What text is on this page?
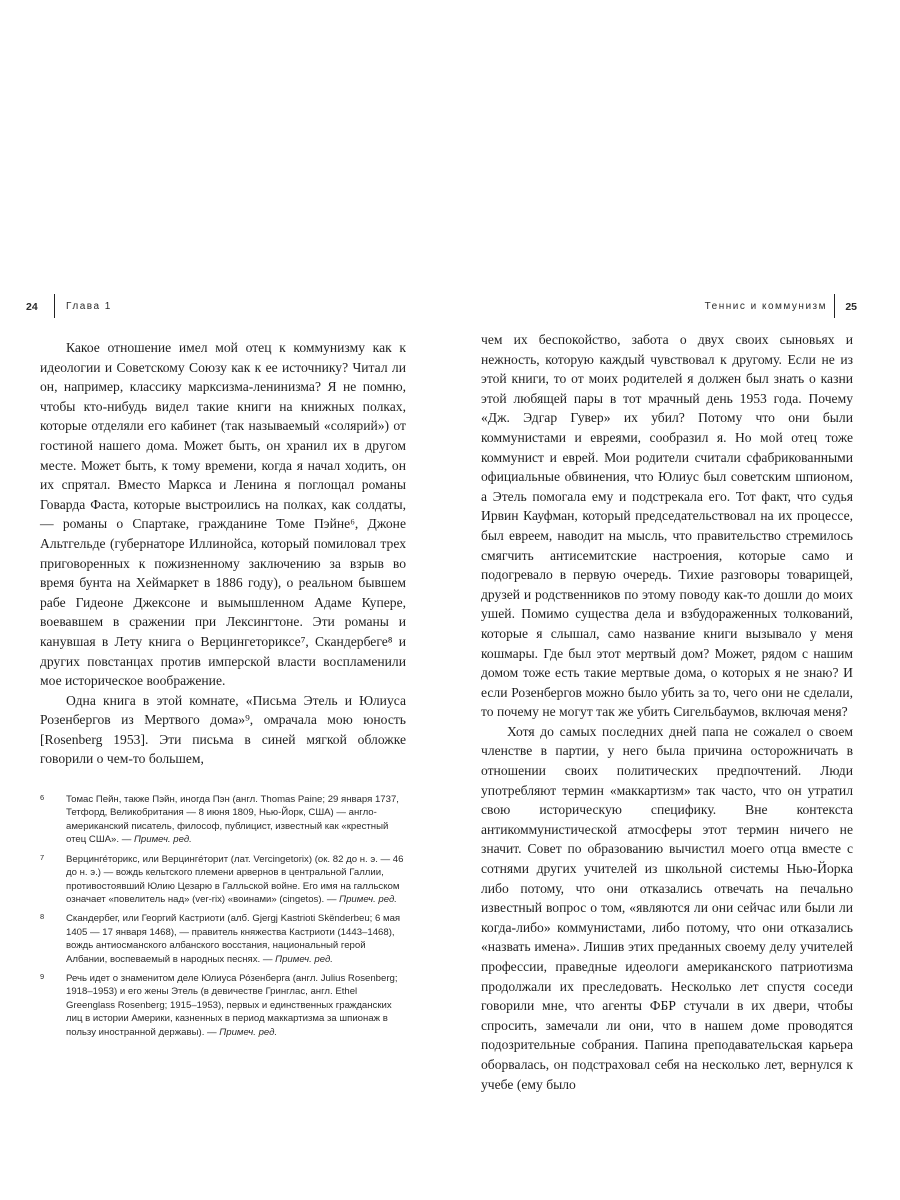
24	Глава 1

Какое отношение имел мой отец к коммунизму как к идеологии и Советскому Союзу как к ее источнику? Читал ли он, например, классику марксизма-ленинизма? Я не помню, чтобы кто-нибудь видел такие книги на книжных полках, которые отделяли его кабинет (так называемый «солярий») от гостиной нашего дома. Может быть, он хранил их в другом месте. Может быть, к тому времени, когда я начал ходить, он их спрятал. Вместо Маркса и Ленина я поглощал романы Говарда Фаста, которые выстроились на полках, как солдаты, — романы о Спартаке, гражданине Томе Пэйне⁶, Джоне Альтгельде (губернаторе Иллинойса, который помиловал трех приговоренных к пожизненному заключению за взрыв во время бунта на Хеймаркет в 1886 году), о реальном бывшем рабе Гидеоне Джексоне и вымышленном Адаме Купере, воевавшем в сражении при Лексингтоне. Эти романы и канувшая в Лету книга о Верцингеториксе⁷, Скандербеге⁸ и других повстанцах против имперской власти воспламенили мое историческое воображение.

Одна книга в этой комнате, «Письма Этель и Юлиуса Розенбергов из Мертвого дома»⁹, омрачала мою юность [Rosenberg 1953]. Эти письма в синей мягкой обложке говорили о чем-то большем,

6 Томас Пейн, также Пэйн, иногда Пэн (англ. Thomas Paine; 29 января 1737, Тетфорд, Великобритания — 8 июня 1809, Нью-Йорк, США) — англо-американский писатель, философ, публицист, известный как «крестный отец США». — Примеч. ред.
7 Верцинге́торикс, или Верцинге́торит (лат. Vercingetorix) (ок. 82 до н. э. — 46 до н. э.) — вождь кельтского племени арвернов в центральной Галлии, противостоявший Юлию Цезарю в Галльской войне. Его имя на галльском означает «повелитель над» (ver-rix) «воинами» (cingetos). — Примеч. ред.
8 Скандербег, или Георгий Кастриоти (алб. Gjergj Kastrioti Skënderbeu; 6 мая 1405 — 17 января 1468), — правитель княжества Кастриоти (1443–1468), вождь антиосманского албанского восстания, национальный герой Албании, воспеваемый в народных песнях. — Примеч. ред.
9 Речь идет о знаменитом деле Юлиуса Ро́зенберга (англ. Julius Rosenberg; 1918–1953) и его жены Этель (в девичестве Гринглас, англ. Ethel Greenglass Rosenberg; 1915–1953), первых и единственных гражданских лиц в истории Америки, казненных в период маккартизма за шпионаж в пользу иностранной державы). — Примеч. ред.
Теннис и коммунизм 25

чем их беспокойство, забота о двух своих сыновьях и нежность, которую каждый чувствовал к другому. Если не из этой книги, то от моих родителей я должен был знать о казни этой любящей пары в тот мрачный день 1953 года. Почему «Дж. Эдгар Гувер» их убил? Потому что они были коммунистами и евреями, сообразил я. Но мой отец тоже коммунист и еврей. Мои родители считали сфабрикованными официальные обвинения, что Юлиус был советским шпионом, а Этель помогала ему и подстрекала его. Тот факт, что судья Ирвин Кауфман, который председательствовал на их процессе, был евреем, наводит на мысль, что правительство стремилось смягчить антисемитские настроения, которые само и подогревало в первую очередь. Тихие разговоры товарищей, друзей и родственников по этому поводу как-то дошли до моих ушей. Помимо существа дела и взбудораженных толкований, которые я слышал, само название книги вызывало у меня кошмары. Где был этот мертвый дом? Может, рядом с нашим домом тоже есть такие мертвые дома, о которых я не знаю? И если Розенбергов можно было убить за то, чего они не сделали, то почему не могут так же убить Сигельбаумов, включая меня?

Хотя до самых последних дней папа не сожалел о своем членстве в партии, у него была причина осторожничать в отношении своих политических предпочтений. Люди употребляют термин «маккартизм» так часто, что он утратил свою историческую специфику. Вне контекста антикоммунистической атмосферы этот термин ничего не значит. Совет по образованию вычистил моего отца вместе с сотнями других учителей из школьной системы Нью-Йорка либо потому, что они отказались отвечать на печально известный вопрос о том, «являются ли они сейчас или были ли когда-либо» коммунистами, либо потому, что они отказались «назвать имена». Лишив этих преданных своему делу учителей профессии, праведные идеологи американского патриотизма продолжали их преследовать. Несколько лет спустя соседи говорили мне, что агенты ФБР стучали в их двери, чтобы спросить, замечали ли они, что в нашем доме проводятся подозрительные собрания. Папина преподавательская карьера оборвалась, он подстраховал себя на несколько лет, вернулся к учебе (ему было
